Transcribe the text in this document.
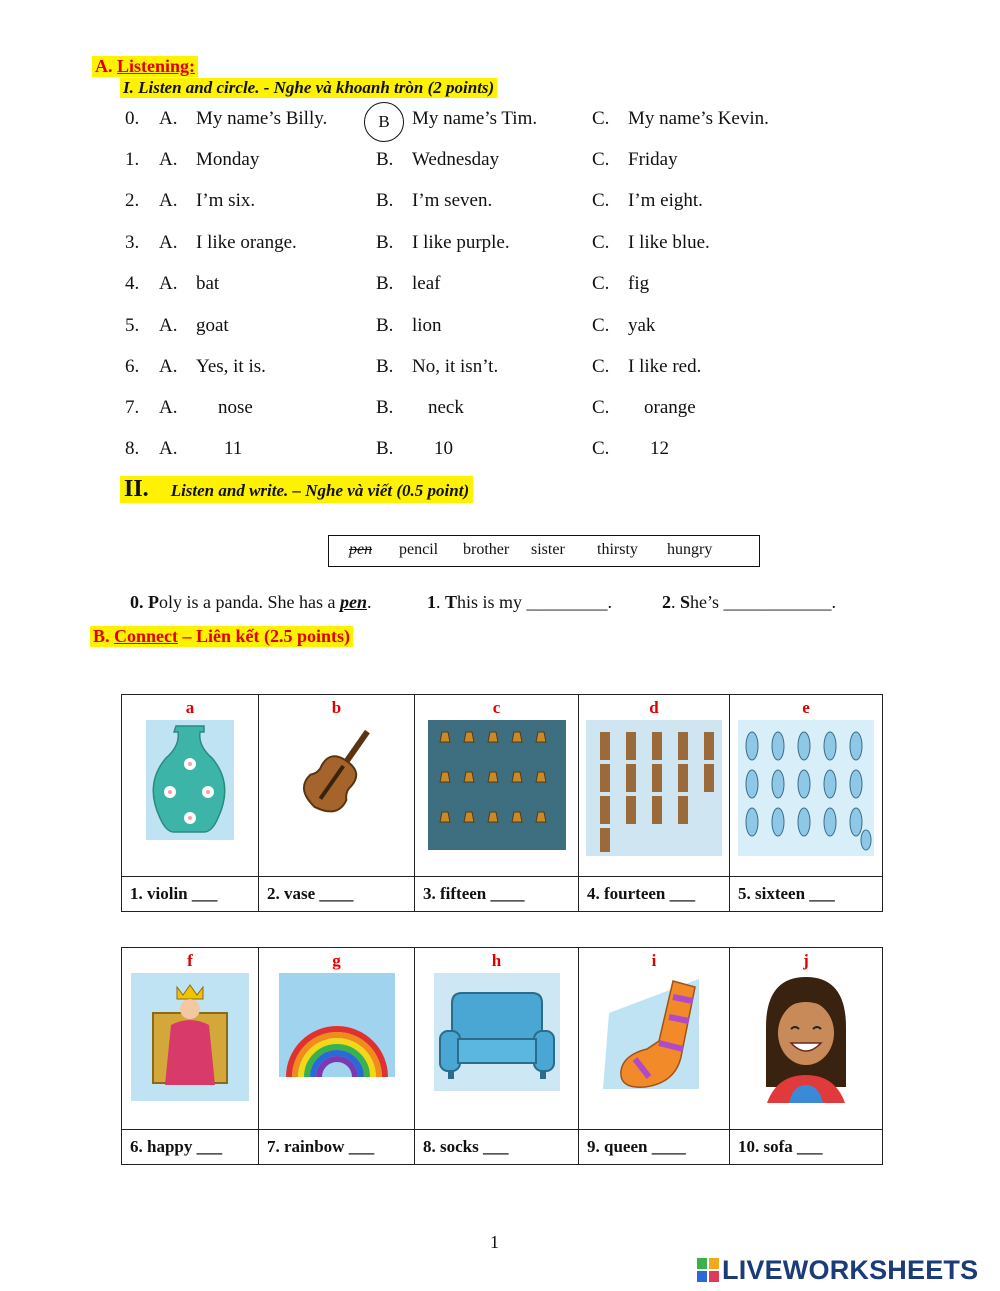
A. Listening:
I. Listen and circle. - Nghe và khoanh tròn (2 points)
0. A. My name’s Billy.	My name’s Tim.	C. My name’s Kevin.
1. A. Monday	B. Wednesday	C. Friday
2. A. I’m six.	B. I’m seven.	C. I’m eight.
3. A. I like orange.	B. I like purple.	C. I like blue.
4. A. bat	B. leaf	C. fig
5. A. goat	B. lion	C. yak
6. A. Yes, it is.	B. No, it isn’t.	C. I like red.
7. A. nose	B. neck	C. orange
8. A. 11	B. 10	C. 12
B
II. Listen and write. – Nghe và viết (0.5 point)
pen pencil brother sister thirsty hungry
0. Poly is a panda. She has a pen.	1. This is my _________.	2. She’s ____________.
B. Connect – Liên kết (2.5 points)
a	b	c	d	e

1. violin ___	2. vase ____	3. fifteen ____	4. fourteen ___	5. sixteen ___
f	g	h	i	j

6. happy ___	7. rainbow ___	8. socks ___	9. queen ____	10. sofa ___
1
LIVEWORKSHEETS
